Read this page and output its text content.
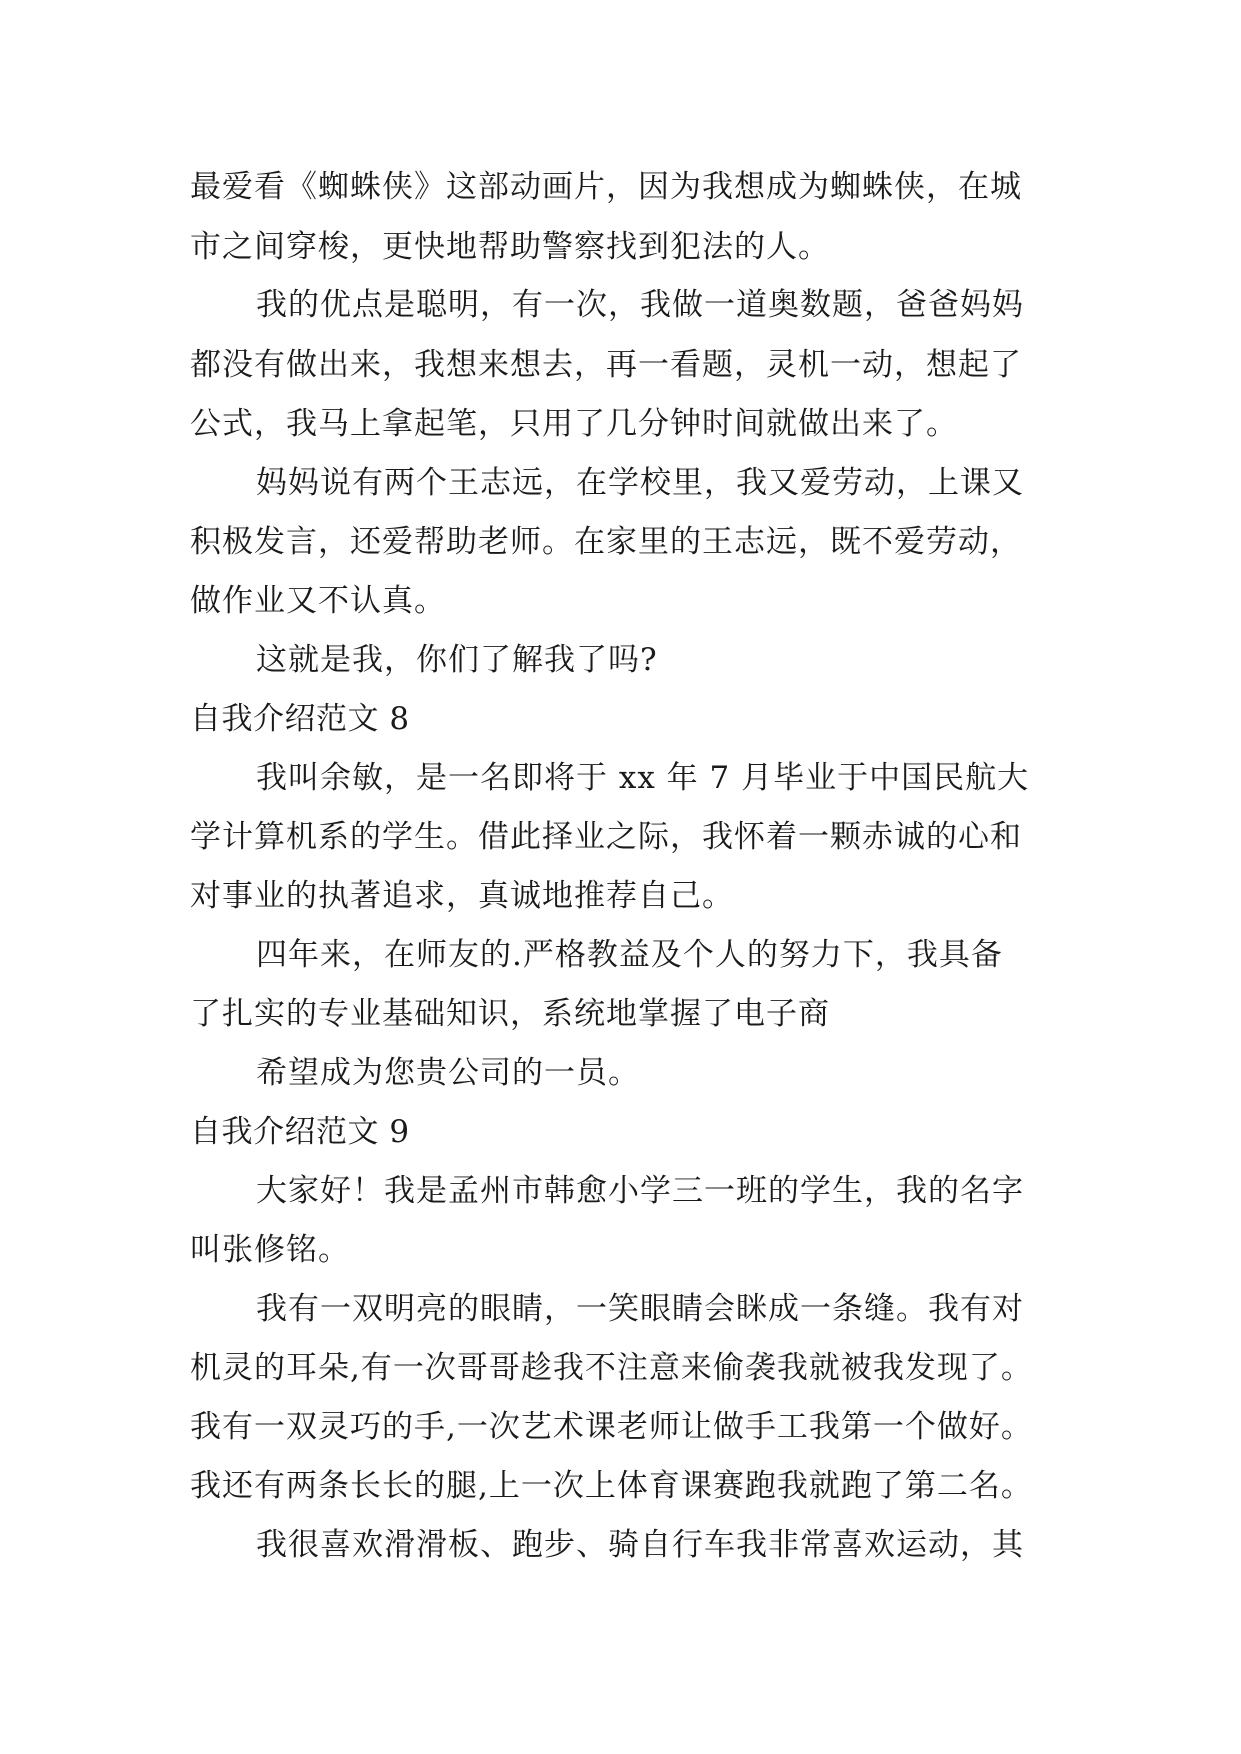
最爱看《蜘蛛侠》这部动画片，因为我想成为蜘蛛侠，在城
市之间穿梭，更快地帮助警察找到犯法的人。
我的优点是聪明，有一次，我做一道奥数题，爸爸妈妈
都没有做出来，我想来想去，再一看题，灵机一动，想起了
公式，我马上拿起笔，只用了几分钟时间就做出来了。
妈妈说有两个王志远，在学校里，我又爱劳动，上课又
积极发言，还爱帮助老师。在家里的王志远，既不爱劳动，
做作业又不认真。
这就是我，你们了解我了吗?
自我介绍范文 8
我叫余敏，是一名即将于 xx 年 7 月毕业于中国民航大
学计算机系的学生。借此择业之际，我怀着一颗赤诚的心和
对事业的执著追求，真诚地推荐自己。
四年来，在师友的.严格教益及个人的努力下，我具备
了扎实的专业基础知识，系统地掌握了电子商
希望成为您贵公司的一员。
自我介绍范文 9
大家好！我是孟州市韩愈小学三一班的学生，我的名字
叫张修铭。
我有一双明亮的眼睛，一笑眼睛会眯成一条缝。我有对
机灵的耳朵,有一次哥哥趁我不注意来偷袭我就被我发现了。
我有一双灵巧的手,一次艺术课老师让做手工我第一个做好。
我还有两条长长的腿,上一次上体育课赛跑我就跑了第二名。
我很喜欢滑滑板、跑步、骑自行车我非常喜欢运动，其
